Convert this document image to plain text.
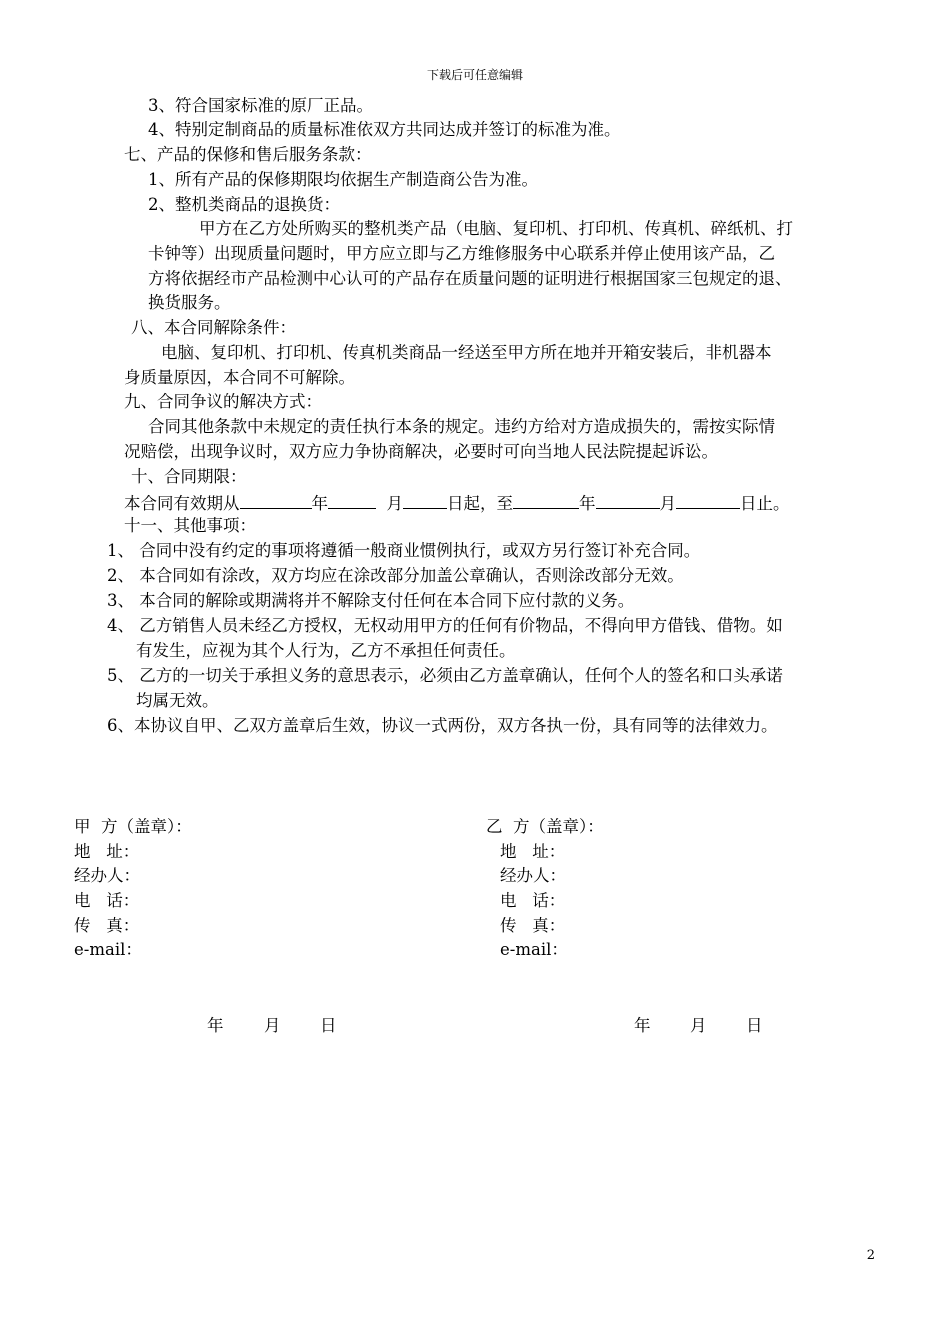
下载后可任意编辑
3、符合国家标准的原厂正品。
4、特别定制商品的质量标准依双方共同达成并签订的标准为准。
七、产品的保修和售后服务条款：
1、所有产品的保修期限均依据生产制造商公告为准。
2、整机类商品的退换货：
甲方在乙方处所购买的整机类产品（电脑、复印机、打印机、传真机、碎纸机、打
卡钟等）出现质量问题时，甲方应立即与乙方维修服务中心联系并停止使用该产品，乙
方将依据经市产品检测中心认可的产品存在质量问题的证明进行根据国家三包规定的退、
换货服务。
八、本合同解除条件：
电脑、复印机、打印机、传真机类商品一经送至甲方所在地并开箱安装后，非机器本
身质量原因，本合同不可解除。
九、合同争议的解决方式：
合同其他条款中未规定的责任执行本条的规定。违约方给对方造成损失的，需按实际情
况赔偿，出现争议时，双方应力争协商解决，必要时可向当地人民法院提起诉讼。
十、合同期限：
本合同有效期从	年	月	日起，至	年	月	日止。
十一、其他事项：
1、 合同中没有约定的事项将遵循一般商业惯例执行，或双方另行签订补充合同。
2、 本合同如有涂改，双方均应在涂改部分加盖公章确认，否则涂改部分无效。
3、 本合同的解除或期满将并不解除支付任何在本合同下应付款的义务。
4、 乙方销售人员未经乙方授权，无权动用甲方的任何有价物品，不得向甲方借钱、借物。如
有发生，应视为其个人行为，乙方不承担任何责任。
5、 乙方的一切关于承担义务的意思表示，必须由乙方盖章确认，任何个人的签名和口头承诺
均属无效。
6、本协议自甲、乙双方盖章后生效，协议一式两份，双方各执一份，具有同等的法律效力。
甲  方（盖章）：
地   址：
经办人：
电   话：
传   真：
e-mail：
乙  方（盖章）：
地   址：
经办人：
电   话：
传   真：
e-mail：
年 月 日	年 月 日
2
